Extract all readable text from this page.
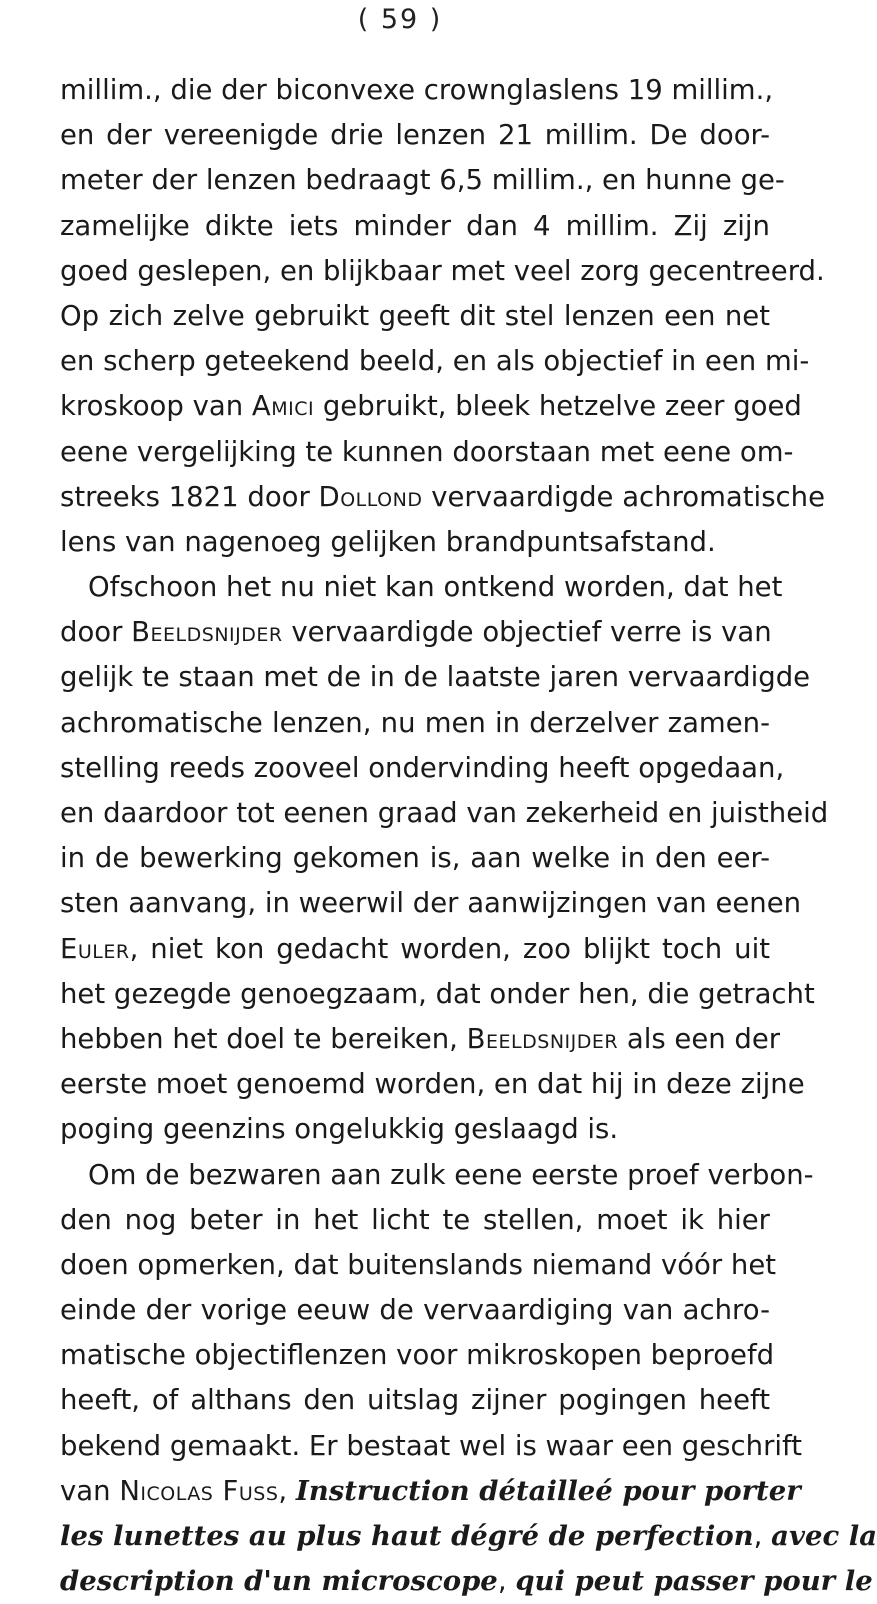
( 59 )
millim., die der biconvexe crownglaslens 19 millim.,
en der vereenigde drie lenzen 21 millim. De door-
meter der lenzen bedraagt 6,5 millim., en hunne ge-
zamelijke dikte iets minder dan 4 millim. Zij zijn
goed geslepen, en blijkbaar met veel zorg gecentreerd.
Op zich zelve gebruikt geeft dit stel lenzen een net
en scherp geteekend beeld, en als objectief in een mi-
kroskoop van Amici gebruikt, bleek hetzelve zeer goed
eene vergelijking te kunnen doorstaan met eene om-
streeks 1821 door Dollond vervaardigde achromatische
lens van nagenoeg gelijken brandpuntsafstand.
Ofschoon het nu niet kan ontkend worden, dat het
door Beeldsnijder vervaardigde objectief verre is van
gelijk te staan met de in de laatste jaren vervaardigde
achromatische lenzen, nu men in derzelver zamen-
stelling reeds zooveel ondervinding heeft opgedaan,
en daardoor tot eenen graad van zekerheid en juistheid
in de bewerking gekomen is, aan welke in den eer-
sten aanvang, in weerwil der aanwijzingen van eenen
Euler, niet kon gedacht worden, zoo blijkt toch uit
het gezegde genoegzaam, dat onder hen, die getracht
hebben het doel te bereiken, Beeldsnijder als een der
eerste moet genoemd worden, en dat hij in deze zijne
poging geenzins ongelukkig geslaagd is.
Om de bezwaren aan zulk eene eerste proef verbon-
den nog beter in het licht te stellen, moet ik hier
doen opmerken, dat buitenslands niemand vóór het
einde der vorige eeuw de vervaardiging van achro-
matische objectiflenzen voor mikroskopen beproefd
heeft, of althans den uitslag zijner pogingen heeft
bekend gemaakt. Er bestaat wel is waar een geschrift
van Nicolas Fuss, Instruction détailleé pour porter
les lunettes au plus haut dégré de perfection, avec la
description d'un microscope, qui peut passer pour le
